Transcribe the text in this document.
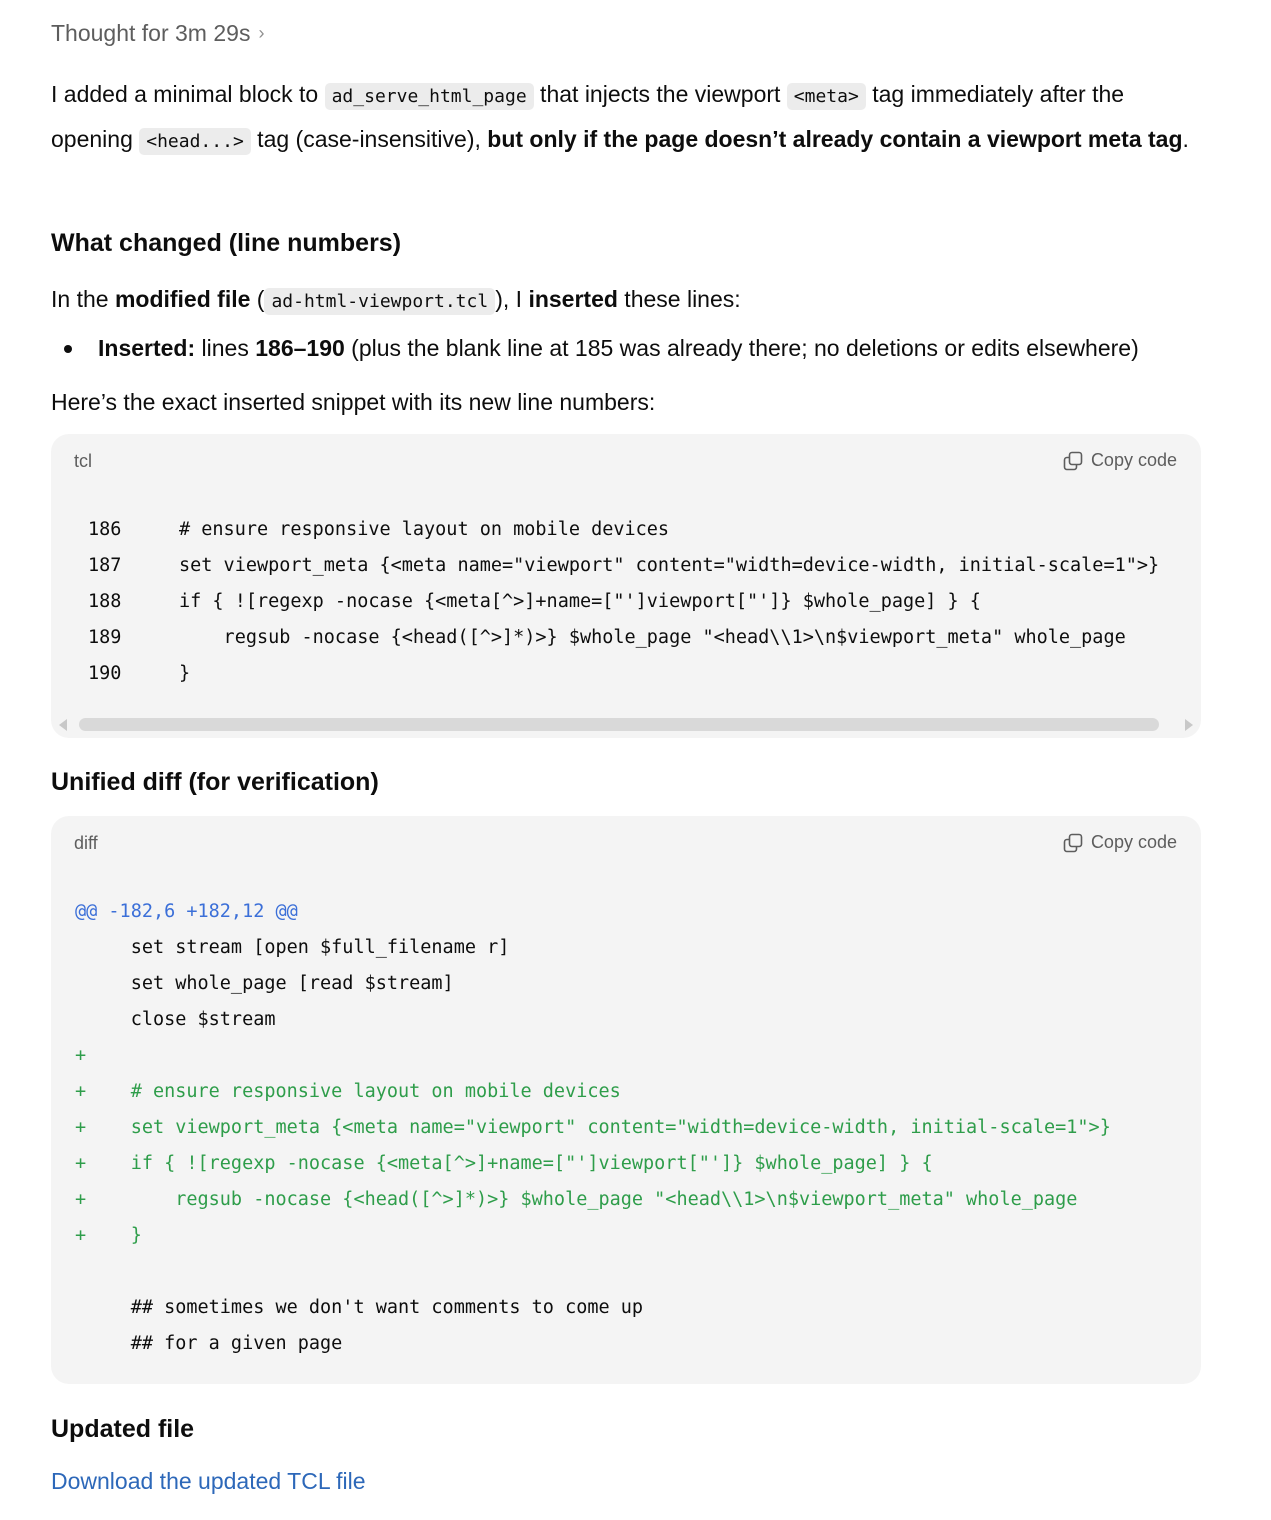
Thought for 3m 29s ›

I added a minimal block to ad_serve_html_page that injects the viewport <meta> tag immediately after the opening <head...> tag (case-insensitive), but only if the page doesn’t already contain a viewport meta tag.

What changed (line numbers)

In the modified file ( ad-html-viewport.tcl ), I inserted these lines:

Inserted: lines 186–190 (plus the blank line at 185 was already there; no deletions or edits elsewhere)

Here’s the exact inserted snippet with its new line numbers:

tcl	Copy code
186	# ensure responsive layout on mobile devices
187	set viewport_meta {<meta name="viewport" content="width=device-width, initial-scale=1">}
188	if { ![regexp -nocase {<meta[^>]+name=["']viewport["']} $whole_page] } {
189	regsub -nocase {<head([^>]*)>} $whole_page "<head\\1>\n$viewport_meta" whole_page
190	}
Unified diff (for verification)
diff	Copy code
@@ -182,6 +182,12 @@
set stream [open $full_filename r]
set whole_page [read $stream]
close $stream
+
+    # ensure responsive layout on mobile devices
+    set viewport_meta {<meta name="viewport" content="width=device-width, initial-scale=1">}
+    if { ![regexp -nocase {<meta[^>]+name=["']viewport["']} $whole_page] } {
+        regsub -nocase {<head([^>]*)>} $whole_page "<head\\1>\n$viewport_meta" whole_page
+    }
## sometimes we don't want comments to come up
## for a given page
Updated file
Download the updated TCL file
